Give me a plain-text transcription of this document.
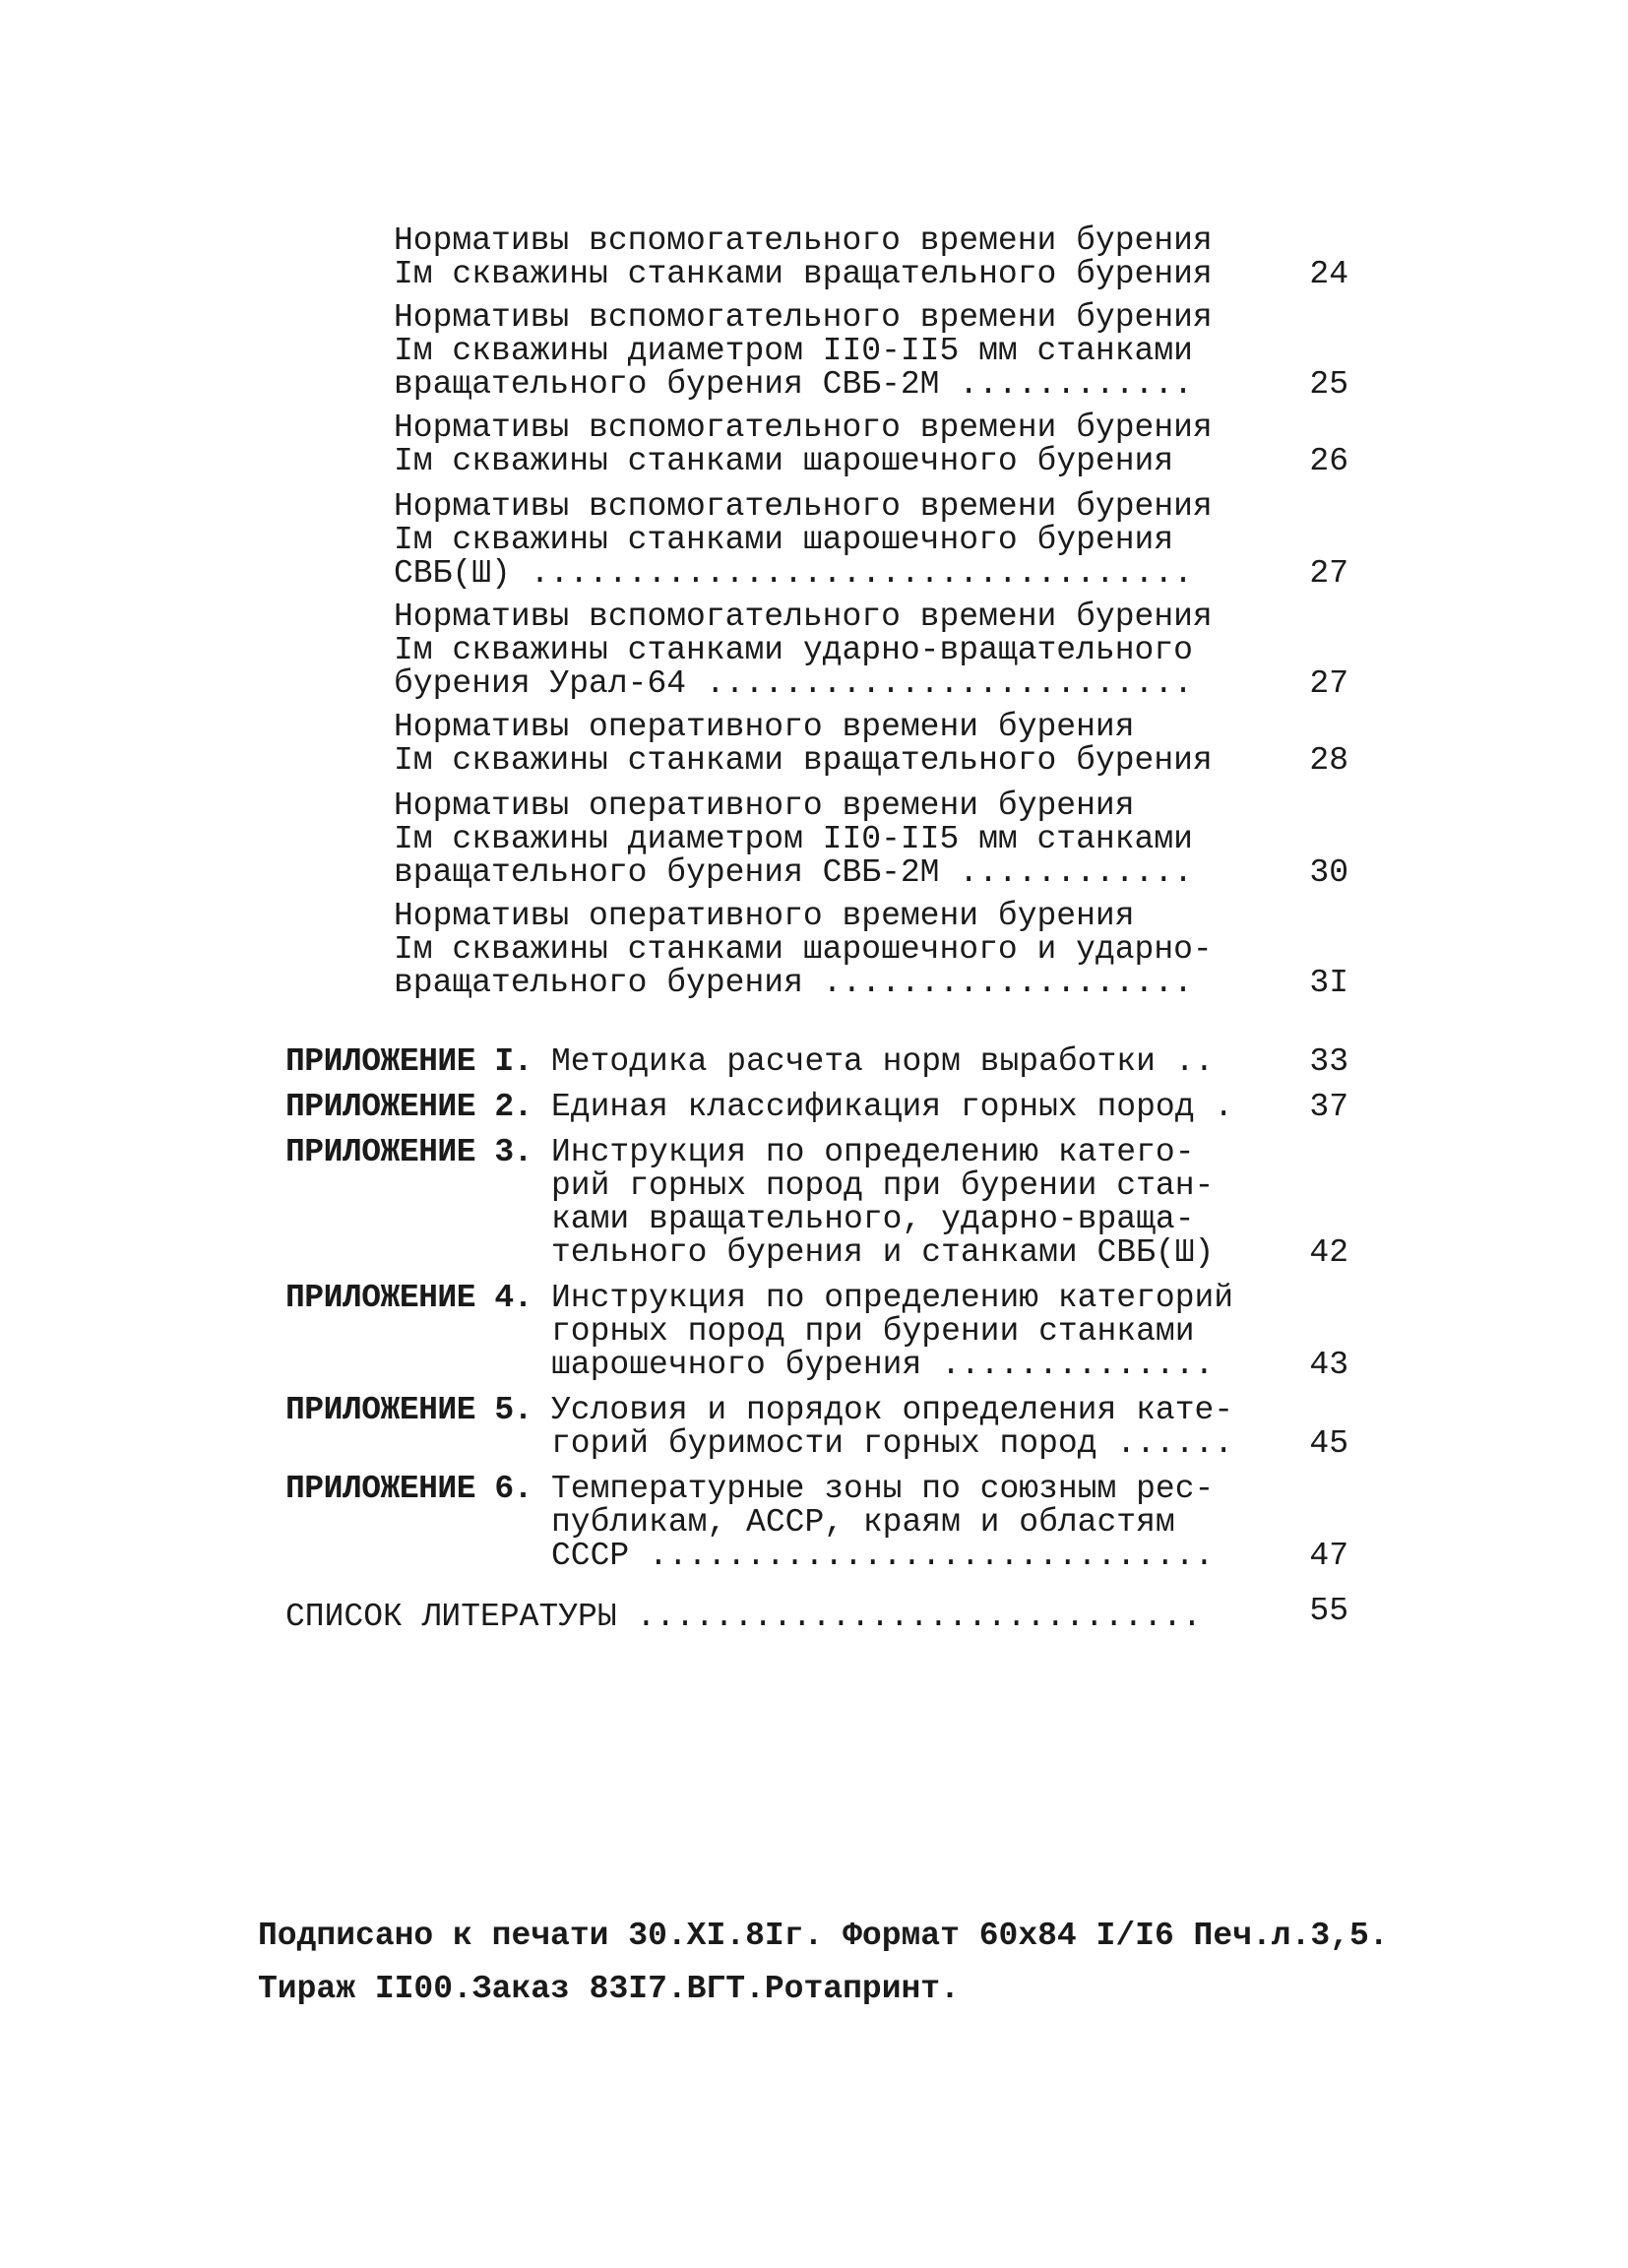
Нормативы вспомогательного времени бурения
Iм скважины станками вращательного бурения	24
Нормативы вспомогательного времени бурения
Iм скважины диаметром II0-II5 мм станками
вращательного бурения СВБ-2М ............	25
Нормативы вспомогательного времени бурения
Iм скважины станками шарошечного бурения	26
Нормативы вспомогательного времени бурения
Iм скважины станками шарошечного бурения
СВБ(Ш) ..................................	27
Нормативы вспомогательного времени бурения
Iм скважины станками ударно-вращательного
бурения Урал-64 .........................	27
Нормативы оперативного времени бурения
Iм скважины станками вращательного бурения	28
Нормативы оперативного времени бурения
Iм скважины диаметром II0-II5 мм станками
вращательного бурения СВБ-2М ............	30
Нормативы оперативного времени бурения
Iм скважины станками шарошечного и ударно-
вращательного бурения ...................	3I
ПРИЛОЖЕНИЕ I. Методика расчета норм выработки ..	33
ПРИЛОЖЕНИЕ 2. Единая классификация горных пород .	37
ПРИЛОЖЕНИЕ 3. Инструкция по определению катего-
рий горных пород при бурении стан-
ками вращательного, ударно-враща-
тельного бурения и станками СВБ(Ш)	42
ПРИЛОЖЕНИЕ 4. Инструкция по определению категорий
горных пород при бурении станками
шарошечного бурения ..............	43
ПРИЛОЖЕНИЕ 5. Условия и порядок определения кате-
горий буримости горных пород ......	45
ПРИЛОЖЕНИЕ 6. Температурные зоны по союзным рес-
публикам, АССР, краям и областям
СССР .............................	47
СПИСОК ЛИТЕРАТУРЫ .............................	55
Подписано к печати 30.XI.8Iг. Формат 60х84 I/I6 Печ.л.3,5.
Тираж II00.Заказ 83I7.ВГТ.Ротапринт.
